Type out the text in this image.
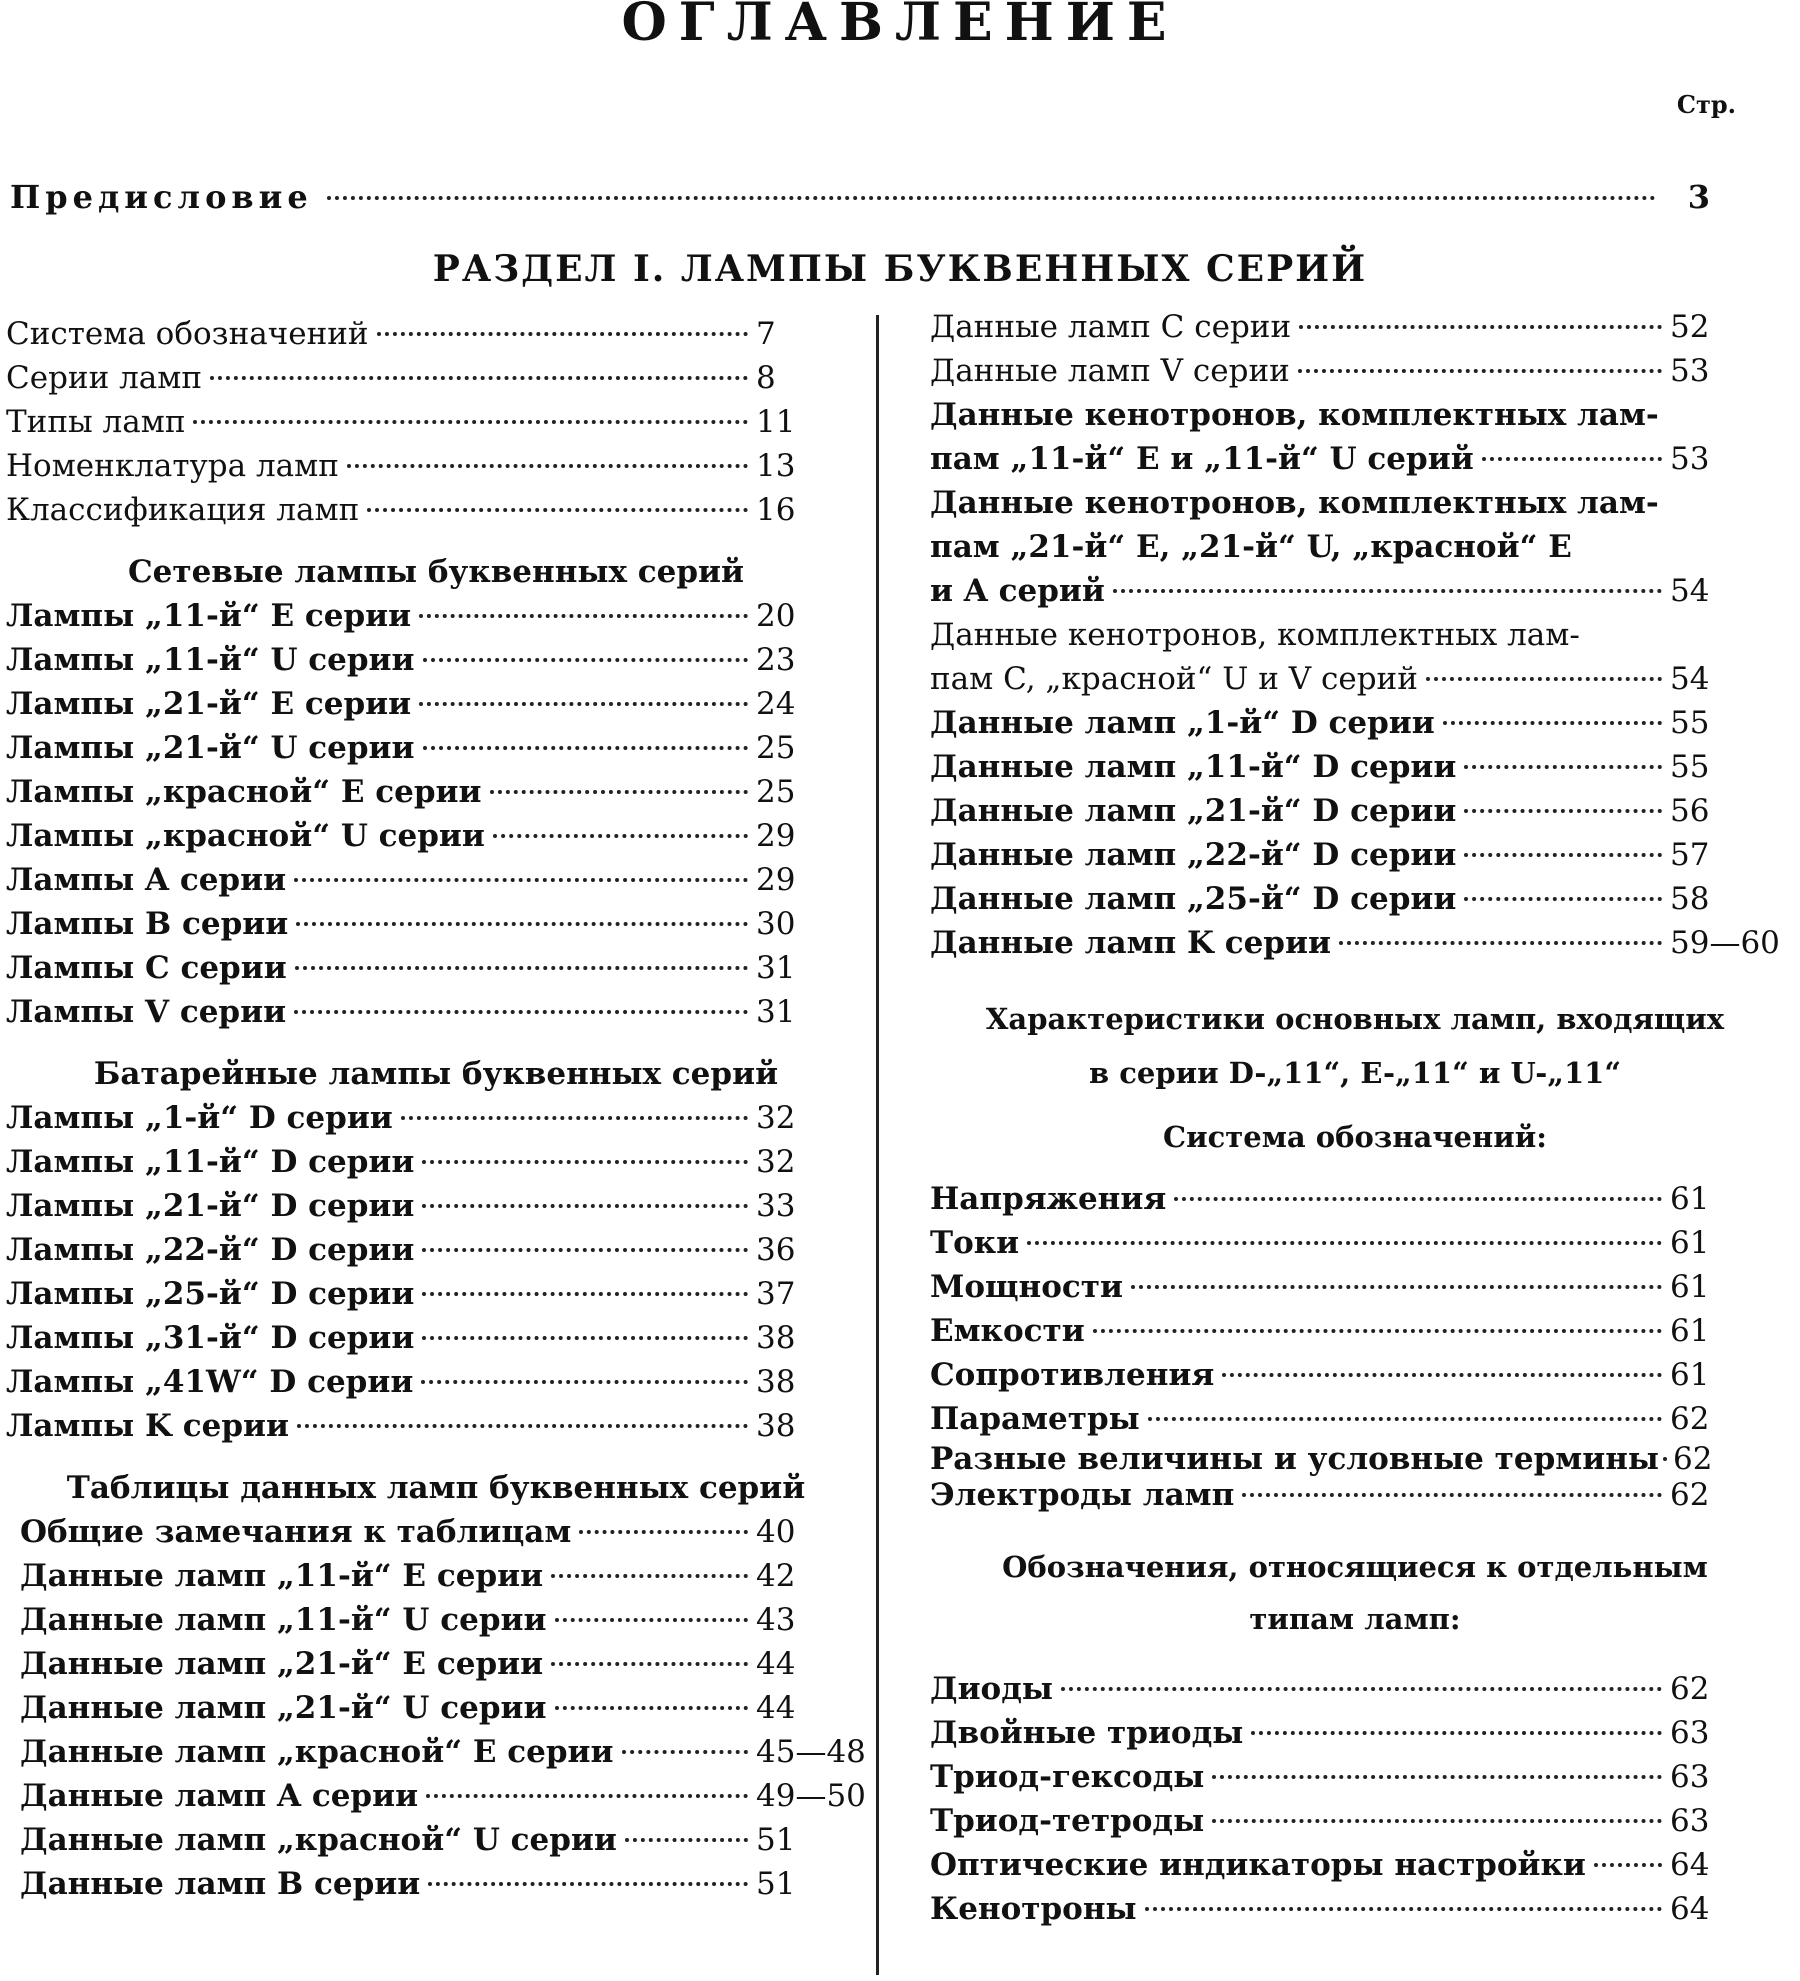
ОГЛАВЛЕНИЕ
Стр.
Предисловие	3
РАЗДЕЛ I. ЛАМПЫ БУКВЕННЫХ СЕРИЙ
Система обозначений	7
Серии ламп	8
Типы ламп	11
Номенклатура ламп	13
Классификация ламп	16
Сетевые лампы буквенных серий
Лампы „11-й“ E серии	20
Лампы „11-й“ U серии	23
Лампы „21-й“ E серии	24
Лампы „21-й“ U серии	25
Лампы „красной“ E серии	25
Лампы „красной“ U серии	29
Лампы A серии	29
Лампы B серии	30
Лампы C серии	31
Лампы V серии	31
Батарейные лампы буквенных серий
Лампы „1-й“ D серии	32
Лампы „11-й“ D серии	32
Лампы „21-й“ D серии	33
Лампы „22-й“ D серии	36
Лампы „25-й“ D серии	37
Лампы „31-й“ D серии	38
Лампы „41W“ D серии	38
Лампы K серии	38
Таблицы данных ламп буквенных серий
Общие замечания к таблицам	40
Данные ламп „11-й“ E серии	42
Данные ламп „11-й“ U серии	43
Данные ламп „21-й“ E серии	44
Данные ламп „21-й“ U серии	44
Данные ламп „красной“ E серии	45—48
Данные ламп A серии	49—50
Данные ламп „красной“ U серии	51
Данные ламп B серии	51
Данные ламп C серии	52
Данные ламп V серии	53
Данные кенотронов, комплектных лам-
пам „11-й“ E и „11-й“ U серий	53
Данные кенотронов, комплектных лам-
пам „21-й“ E, „21-й“ U, „красной“ E
и A серий	54
Данные кенотронов, комплектных лам-
пам C, „красной“ U и V серий	54
Данные ламп „1-й“ D серии	55
Данные ламп „11-й“ D серии	55
Данные ламп „21-й“ D серии	56
Данные ламп „22-й“ D серии	57
Данные ламп „25-й“ D серии	58
Данные ламп K серии	59—60
Характеристики основных ламп, входящих
в серии D-„11“, E-„11“ и U-„11“
Система обозначений:
Напряжения	61
Токи	61
Мощности	61
Емкости	61
Сопротивления	61
Параметры	62
Разные величины и условные термины 62
Электроды ламп	62
Обозначения, относящиеся к отдельным
типам ламп:
Диоды	62
Двойные триоды	63
Триод-гексоды	63
Триод-тетроды	63
Оптические индикаторы настройки	64
Кенотроны	64
